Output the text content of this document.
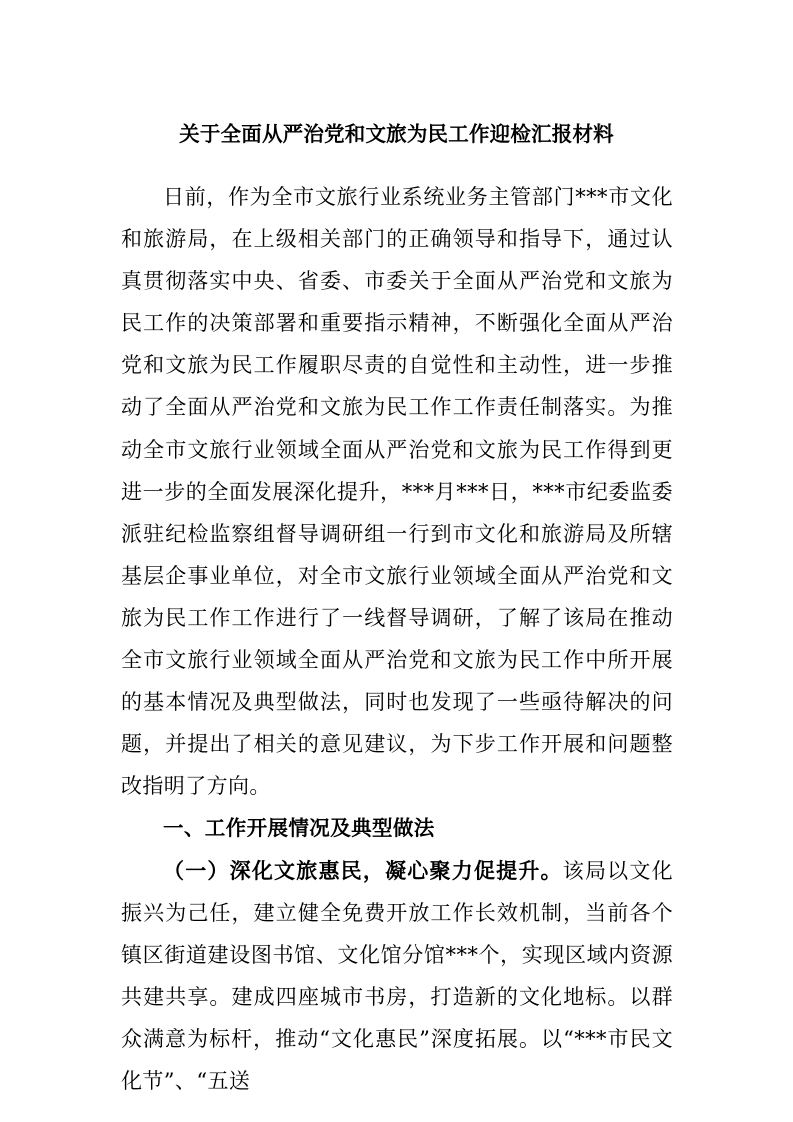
关于全面从严治党和文旅为民工作迎检汇报材料

日前，作为全市文旅行业系统业务主管部门***市文化和旅游局，在上级相关部门的正确领导和指导下，通过认真贯彻落实中央、省委、市委关于全面从严治党和文旅为民工作的决策部署和重要指示精神，不断强化全面从严治党和文旅为民工作履职尽责的自觉性和主动性，进一步推动了全面从严治党和文旅为民工作工作责任制落实。为推动全市文旅行业领域全面从严治党和文旅为民工作得到更进一步的全面发展深化提升，***月***日，***市纪委监委派驻纪检监察组督导调研组一行到市文化和旅游局及所辖基层企事业单位，对全市文旅行业领域全面从严治党和文旅为民工作工作进行了一线督导调研，了解了该局在推动全市文旅行业领域全面从严治党和文旅为民工作中所开展的基本情况及典型做法，同时也发现了一些亟待解决的问题，并提出了相关的意见建议，为下步工作开展和问题整改指明了方向。

一、工作开展情况及典型做法

（一）深化文旅惠民，凝心聚力促提升。该局以文化振兴为己任，建立健全免费开放工作长效机制，当前各个镇区街道建设图书馆、文化馆分馆***个，实现区域内资源共建共享。建成四座城市书房，打造新的文化地标。以群众满意为标杆，推动“文化惠民”深度拓展。以“***市民文化节”、“五送
